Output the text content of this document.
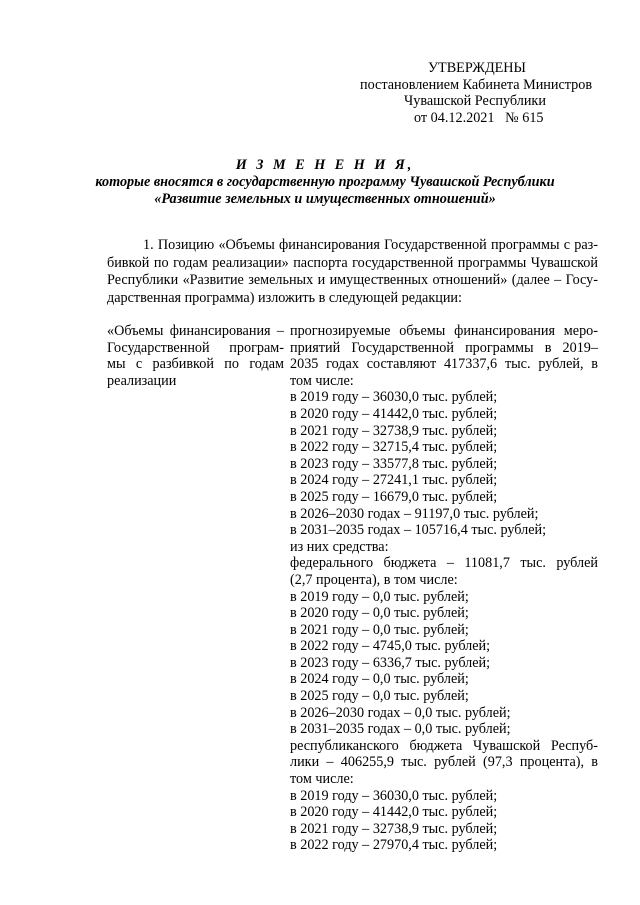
УТВЕРЖДЕНЫ
постановлением Кабинета Министров
Чувашской Республики
от 04.12.2021   № 615
И З М Е Н Е Н И Я,
которые вносятся в государственную программу Чувашской Республики
«Развитие земельных и имущественных отношений»
1. Позицию «Объемы финансирования Государственной программы с раз-
бивкой по годам реализации» паспорта государственной программы Чувашской
Республики «Развитие земельных и имущественных отношений» (далее – Госу-
дарственная программа) изложить в следующей редакции:
«Объемы финансирования –
Государственной програм-
мы с разбивкой по годам
реализации
прогнозируемые объемы финансирования меро-
приятий Государственной программы в 2019–
2035 годах составляют 417337,6 тыс. рублей, в
том числе:
в 2019 году – 36030,0 тыс. рублей;
в 2020 году – 41442,0 тыс. рублей;
в 2021 году – 32738,9 тыс. рублей;
в 2022 году – 32715,4 тыс. рублей;
в 2023 году – 33577,8 тыс. рублей;
в 2024 году – 27241,1 тыс. рублей;
в 2025 году – 16679,0 тыс. рублей;
в 2026–2030 годах – 91197,0 тыс. рублей;
в 2031–2035 годах – 105716,4 тыс. рублей;
из них средства:
федерального бюджета – 11081,7 тыс. рублей
(2,7 процента), в том числе:
в 2019 году – 0,0 тыс. рублей;
в 2020 году – 0,0 тыс. рублей;
в 2021 году – 0,0 тыс. рублей;
в 2022 году – 4745,0 тыс. рублей;
в 2023 году – 6336,7 тыс. рублей;
в 2024 году – 0,0 тыс. рублей;
в 2025 году – 0,0 тыс. рублей;
в 2026–2030 годах – 0,0 тыс. рублей;
в 2031–2035 годах – 0,0 тыс. рублей;
республиканского бюджета Чувашской Респуб-
лики – 406255,9 тыс. рублей (97,3 процента), в
том числе:
в 2019 году – 36030,0 тыс. рублей;
в 2020 году – 41442,0 тыс. рублей;
в 2021 году – 32738,9 тыс. рублей;
в 2022 году – 27970,4 тыс. рублей;
